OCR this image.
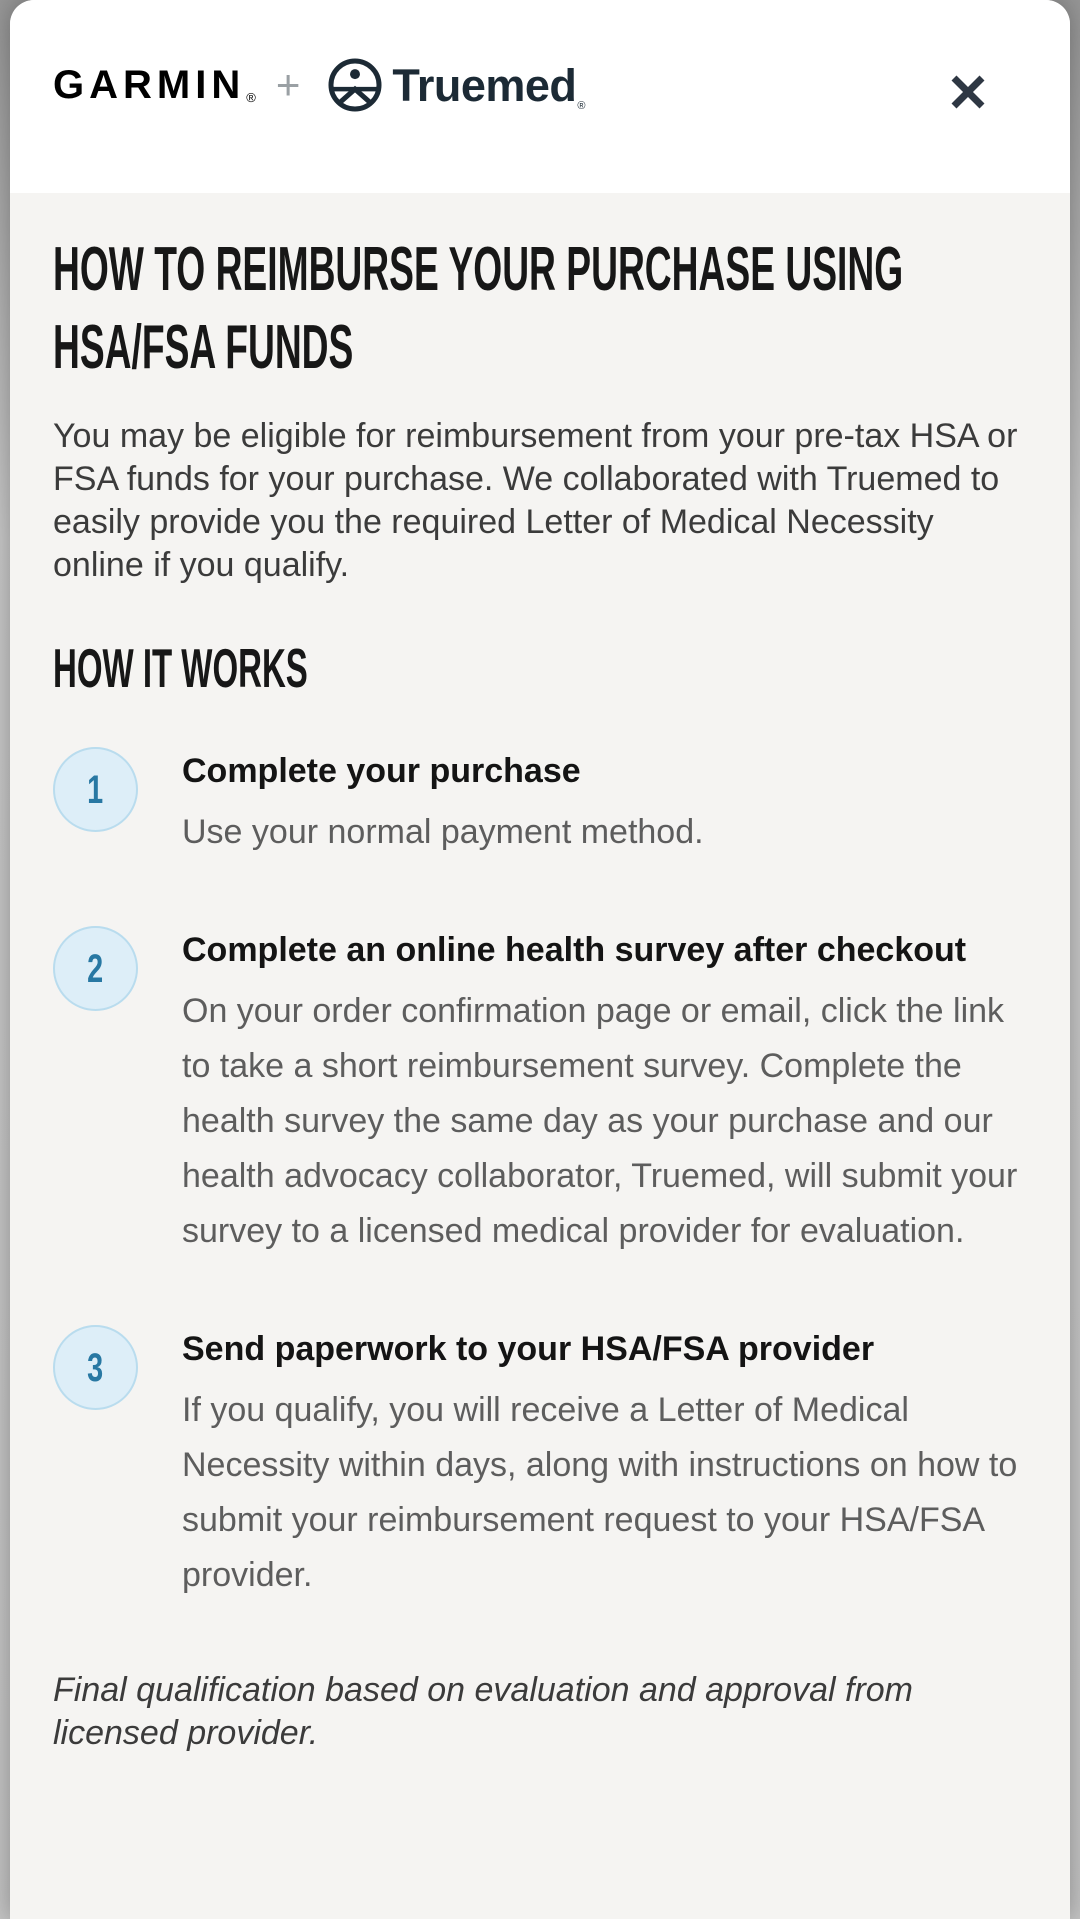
GARMIN ® + Truemed ®
HOW TO REIMBURSE YOUR PURCHASE USING
HSA/FSA FUNDS

You may be eligible for reimbursement from your pre-tax HSA or FSA funds for your purchase. We collaborated with Truemed to easily provide you the required Letter of Medical Necessity online if you qualify.

HOW IT WORKS
1 Complete your purchase
Use your normal payment method.
2 Complete an online health survey after checkout
On your order confirmation page or email, click the link to take a short reimbursement survey. Complete the health survey the same day as your purchase and our health advocacy collaborator, Truemed, will submit your survey to a licensed medical provider for evaluation.
3 Send paperwork to your HSA/FSA provider
If you qualify, you will receive a Letter of Medical Necessity within days, along with instructions on how to submit your reimbursement request to your HSA/FSA provider.

Final qualification based on evaluation and approval from licensed provider.
